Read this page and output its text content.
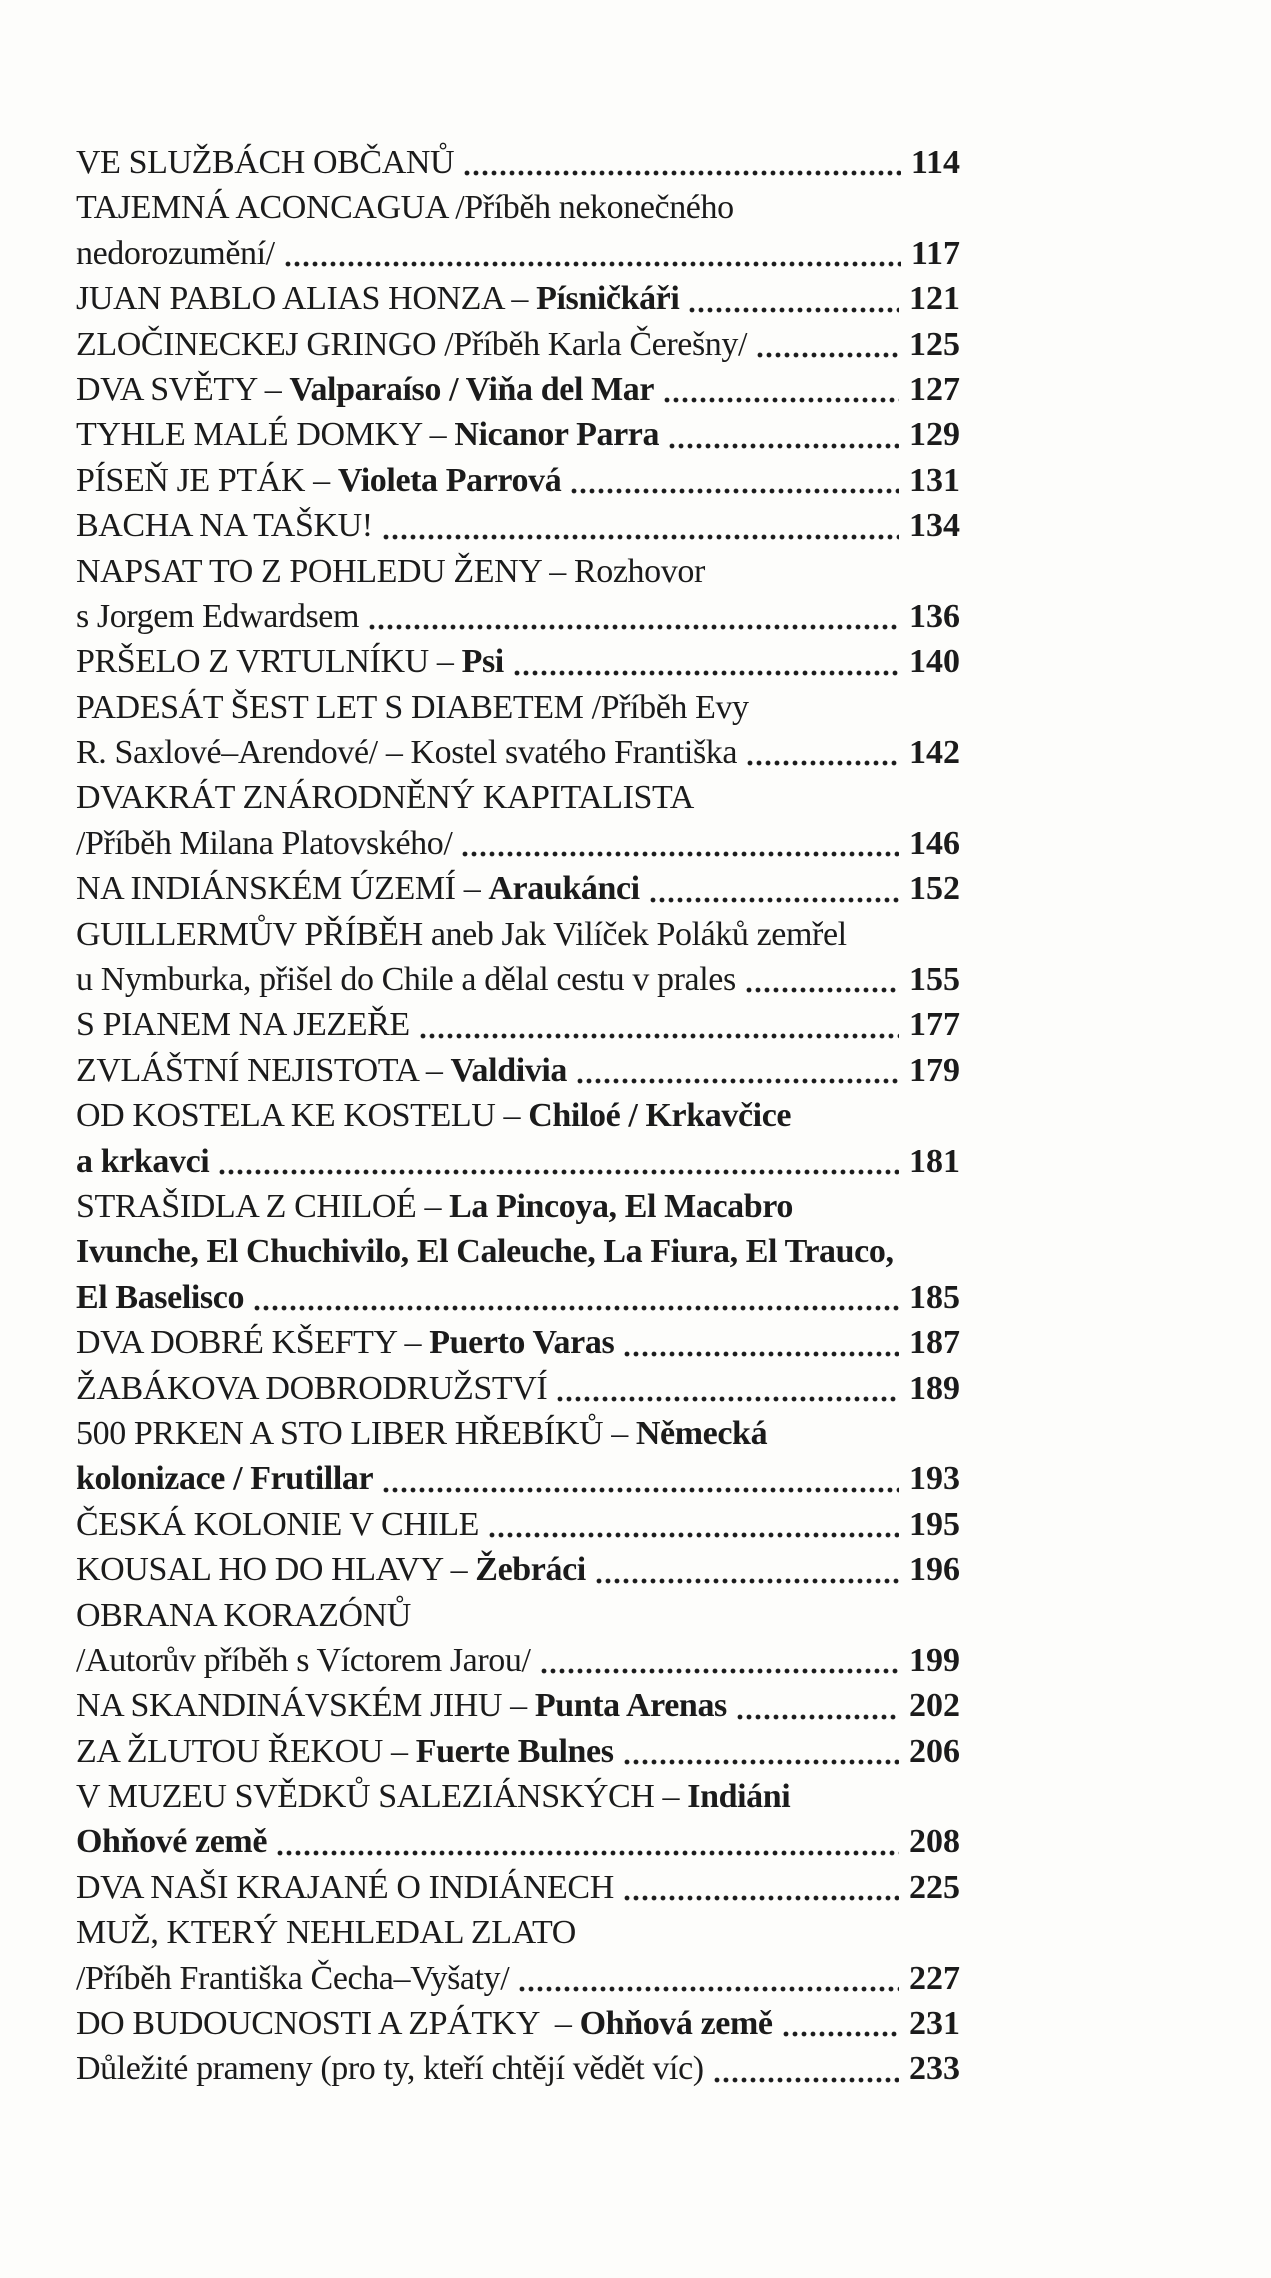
VE SLUŽBÁCH OBČANŮ	114
TAJEMNÁ ACONCAGUA /Příběh nekonečného
nedorozumění/	117
JUAN PABLO ALIAS HONZA – Písničkáři	121
ZLOČINECKEJ GRINGO /Příběh Karla Čerešny/	125
DVA SVĚTY – Valparaíso / Viňa del Mar	127
TYHLE MALÉ DOMKY – Nicanor Parra	129
PÍSEŇ JE PTÁK – Violeta Parrová	131
BACHA NA TAŠKU!	134
NAPSAT TO Z POHLEDU ŽENY – Rozhovor
s Jorgem Edwardsem	136
PRŠELO Z VRTULNÍKU – Psi	140
PADESÁT ŠEST LET S DIABETEM /Příběh Evy
R. Saxlové–Arendové/ – Kostel svatého Františka	142
DVAKRÁT ZNÁRODNĚNÝ KAPITALISTA
/Příběh Milana Platovského/	146
NA INDIÁNSKÉM ÚZEMÍ – Araukánci	152
GUILLERMŮV PŘÍBĚH aneb Jak Vilíček Poláků zemřel
u Nymburka, přišel do Chile a dělal cestu v prales	155
S PIANEM NA JEZEŘE	177
ZVLÁŠTNÍ NEJISTOTA – Valdivia	179
OD KOSTELA KE KOSTELU – Chiloé / Krkavčice
a krkavci	181
STRAŠIDLA Z CHILOÉ – La Pincoya, El Macabro
Ivunche, El Chuchivilo, El Caleuche, La Fiura, El Trauco,
El Baselisco	185
DVA DOBRÉ KŠEFTY – Puerto Varas	187
ŽABÁKOVA DOBRODRUŽSTVÍ	189
500 PRKEN A STO LIBER HŘEBÍKŮ – Německá
kolonizace / Frutillar	193
ČESKÁ KOLONIE V CHILE	195
KOUSAL HO DO HLAVY – Žebráci	196
OBRANA KORAZÓNŮ
/Autorův příběh s Víctorem Jarou/	199
NA SKANDINÁVSKÉM JIHU – Punta Arenas	202
ZA ŽLUTOU ŘEKOU – Fuerte Bulnes	206
V MUZEU SVĚDKŮ SALEZIÁNSKÝCH – Indiáni
Ohňové země	208
DVA NAŠI KRAJANÉ O INDIÁNECH	225
MUŽ, KTERÝ NEHLEDAL ZLATO
/Příběh Františka Čecha–Vyšaty/	227
DO BUDOUCNOSTI A ZPÁTKY  – Ohňová země	231
Důležité prameny (pro ty, kteří chtějí vědět víc)	233
